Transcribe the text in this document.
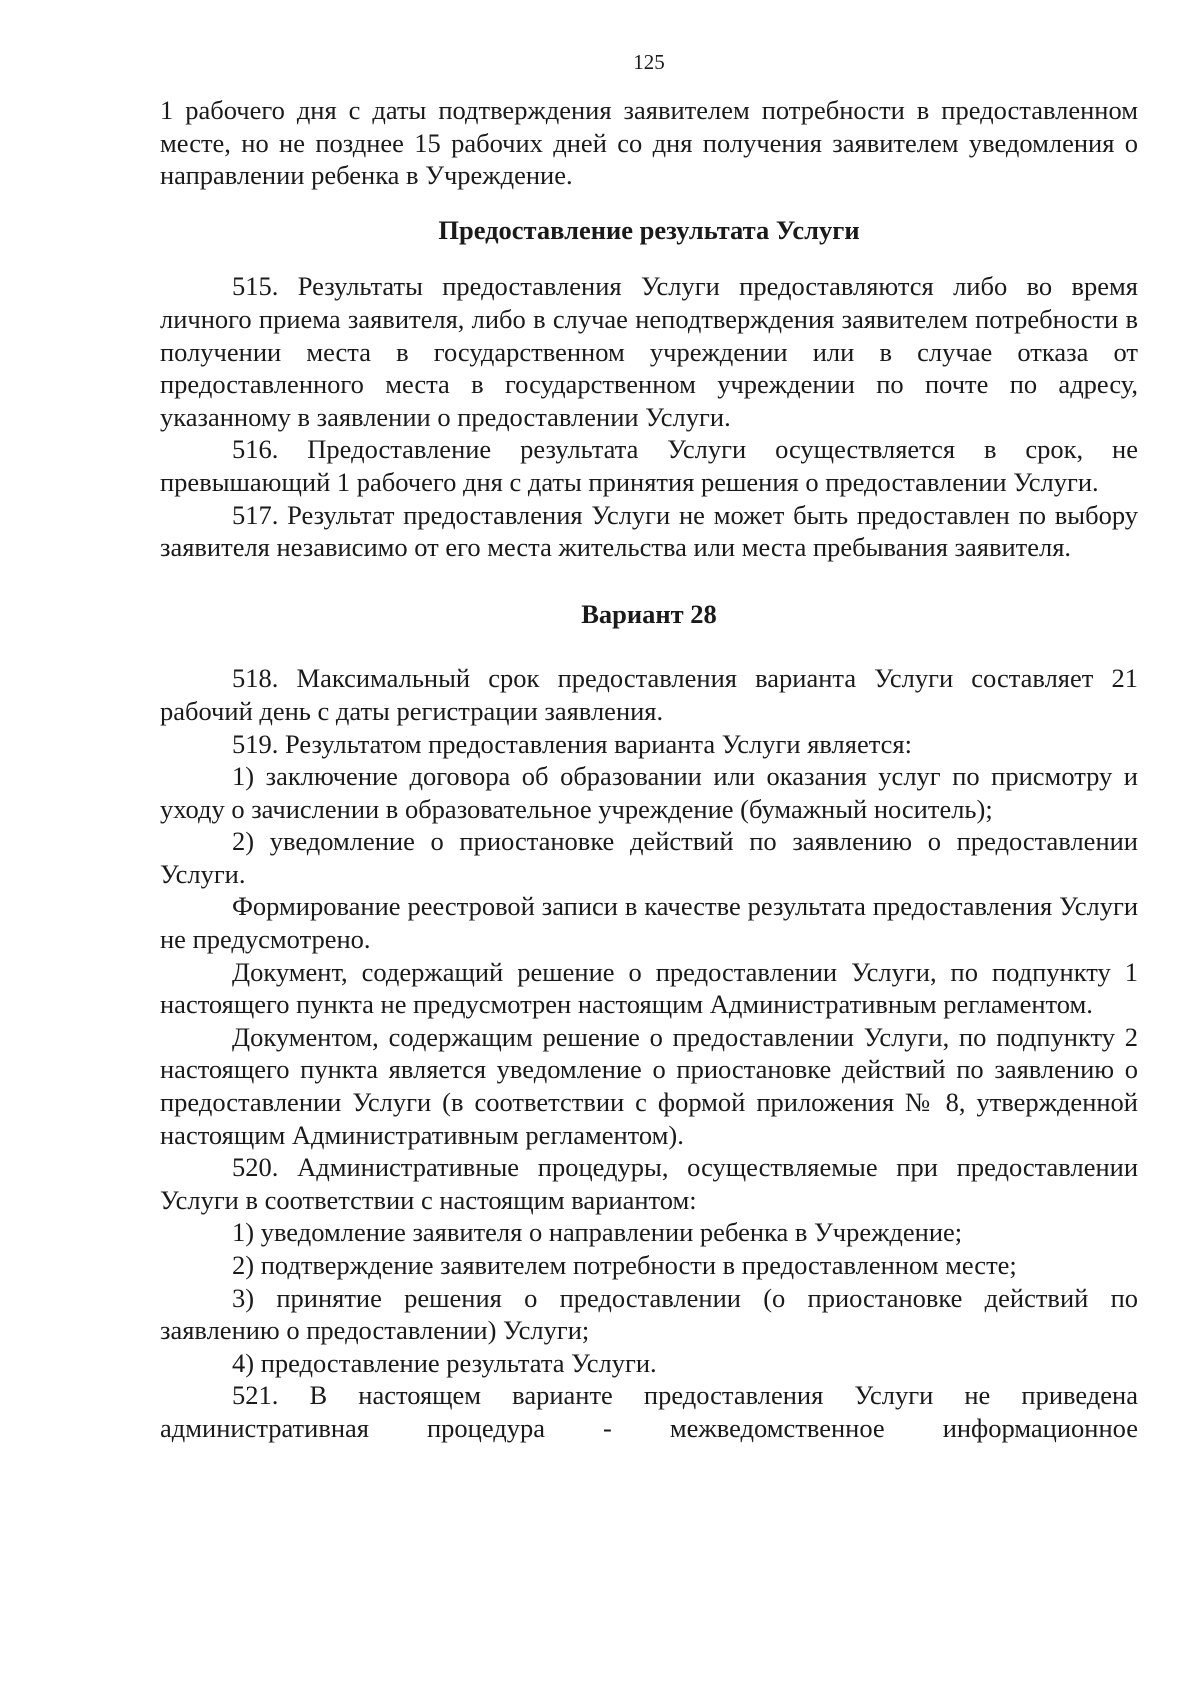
125

1 рабочего дня с даты подтверждения заявителем потребности в предоставленном месте, но не позднее 15 рабочих дней со дня получения заявителем уведомления о направлении ребенка в Учреждение.

Предоставление результата Услуги

515. Результаты предоставления Услуги предоставляются либо во время личного приема заявителя, либо в случае неподтверждения заявителем потребности в получении места в государственном учреждении или в случае отказа от предоставленного места в государственном учреждении по почте по адресу, указанному в заявлении о предоставлении Услуги.

516. Предоставление результата Услуги осуществляется в срок, не превышающий 1 рабочего дня с даты принятия решения о предоставлении Услуги.

517. Результат предоставления Услуги не может быть предоставлен по выбору заявителя независимо от его места жительства или места пребывания заявителя.

Вариант 28

518. Максимальный срок предоставления варианта Услуги составляет 21 рабочий день с даты регистрации заявления.

519. Результатом предоставления варианта Услуги является:

1) заключение договора об образовании или оказания услуг по присмотру и уходу о зачислении в образовательное учреждение (бумажный носитель);

2) уведомление о приостановке действий по заявлению о предоставлении Услуги.

Формирование реестровой записи в качестве результата предоставления Услуги не предусмотрено.

Документ, содержащий решение о предоставлении Услуги, по подпункту 1 настоящего пункта не предусмотрен настоящим Административным регламентом.

Документом, содержащим решение о предоставлении Услуги, по подпункту 2 настоящего пункта является уведомление о приостановке действий по заявлению о предоставлении Услуги (в соответствии с формой приложения № 8, утвержденной настоящим Административным регламентом).

520. Административные процедуры, осуществляемые при предоставлении Услуги в соответствии с настоящим вариантом:

1) уведомление заявителя о направлении ребенка в Учреждение;

2) подтверждение заявителем потребности в предоставленном месте;

3) принятие решения о предоставлении (о приостановке действий по заявлению о предоставлении) Услуги;

4) предоставление результата Услуги.

521. В настоящем варианте предоставления Услуги не приведена административная процедура - межведомственное информационное
